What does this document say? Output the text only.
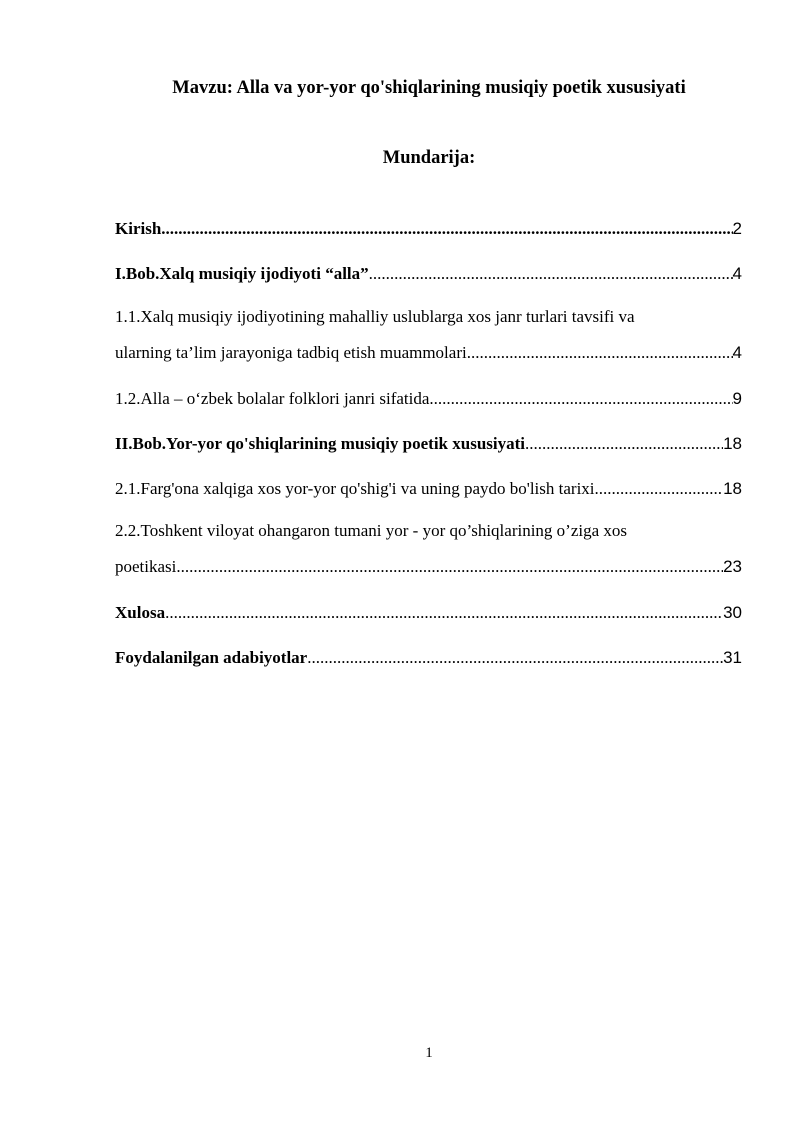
Mavzu: Alla va yor-yor qo'shiqlarining musiqiy poetik xususiyati
Mundarija:
Kirish .....	2
I.Bob.Xalq musiqiy ijodiyoti “alla” .....	4
1.1.Xalq musiqiy ijodiyotining mahalliy uslublarga xos janr turlari tavsifi va
ularning ta’lim jarayoniga tadbiq etish muammolari .....	4
1.2.Alla – o‘zbek bolalar folklori janri sifatida .....	9
II.Bob.Yor-yor qo'shiqlarining musiqiy poetik xususiyati .....	18
2.1.Farg'ona xalqiga xos yor-yor qo'shig'i va uning paydo bo'lish tarixi .....	18
2.2.Toshkent viloyat ohangaron tumani yor - yor qo’shiqlarining o’ziga xos
poetikasi .....	23
Xulosa .....	30
Foydalanilgan adabiyotlar .....	31
1
